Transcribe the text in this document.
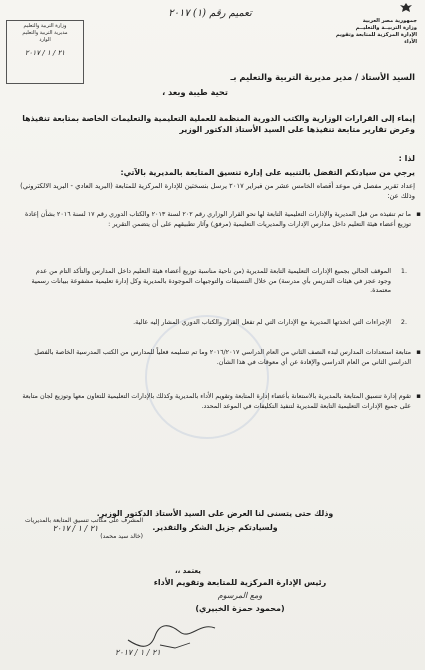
جمهورية مصر العربية
وزارة التربيــة والتعليــم
الإدارة المركزية للمتابعة وتقويم الأداء
تعميم رقم (١) ٢٠١٧
وزارة التربية والتعليم
مديرية التربية والتعليم
الوارد
٢١ / ١ / ٢٠١٧
السيد الأستاذ / مدير مديرية التربية والتعليم بـ
تحية طيبة وبعد ،
إيماء إلى القرارات الوزارية والكتب الدورية المنظمة للعملية التعليمية والتعليمات الخاصة بمتابعة تنفيذها وعرض تقارير متابعة تنفيذها على السيد الأستاذ الدكتور الوزير
لذا :
يرجي من سيادتكم التفضل بالتنبيه على إدارة تنسيق المتابعة بالمديرية بالآتي:
إعداد تقرير مفصل في موعد أقصاه الخامس عشر من فبراير ٢٠١٧ يرسل بنسختين للإدارة المركزية للمتابعة (البريد العادي - البريد الالكتروني) وذلك عن:
▪
ما تم تنفيذه من قبل المديرية والإدارات التعليمية التابعة لها نحو القرار الوزاري رقم ٢٠٢ لسنة ٢٠١٣ والكتاب الدوري رقم ١٧ لسنة ٢٠١٦ بشأن إعادة توزيع أعضاء هيئة التعليم داخل مدارس الإدارات والمديريات التعليمية (مرفق) وآثار تطبيقهم على أن يتضمن التقرير :
.1
الموقف الحالي بجميع الإدارات التعليمية التابعة للمديرية (من ناحية مناسبة توزيع أعضاء هيئة التعليم داخل المدارس والتأكد التام من عدم وجود عجز في هيئات التدريس بأي مدرسة) من خلال التنسيقات والتوجيهات الموجودة بالمديرية وكل إدارة تعليمية مشفوعة ببيانات رسمية معتمدة.
.2
الإجراءات التي اتخذتها المديرية مع الإدارات التي لم تفعل القرار والكتاب الدوري المشار إليه عالية.
▪
متابعة استعدادات المدارس لبدء النصف الثاني من العام الدراسي ٢٠١٦/٢٠١٧ وما تم تسليمه فعلياً للمدارس من الكتب المدرسية الخاصة بالفصل الدراسي الثاني من العام الدراسي والإفادة عن أي معوقات في هذا الشأن.
▪
تقوم إدارة تنسيق المتابعة بالمديرية بالاستعانة بأعضاء إدارة المتابعة وتقويم الأداء بالمديرية وكذلك بالإدارات التعليمية للتعاون معها وتوزيع لجان متابعة على جميع الإدارات التعليمية التابعة للمديرية لتنفيذ التكليفات في الموعد المحدد.
وذلك حتى يتسنى لنا العرض على السيد الأستاذ الدكتور الوزير.
ولسيادتكم جزيل الشكر والتقدير.
المشرف على مكاتب تنسيق المتابعة بالمديريات
٢١ / ١ / ٢٠١٧
(خالد سيد محمد)
يعتمد ،،
رئيس الإدارة المركزية للمتابعة وتقويم الأداء
ومع المرسوم
(محمود حمزة الخبيري)
٢١ / ١ / ٢٠١٧
